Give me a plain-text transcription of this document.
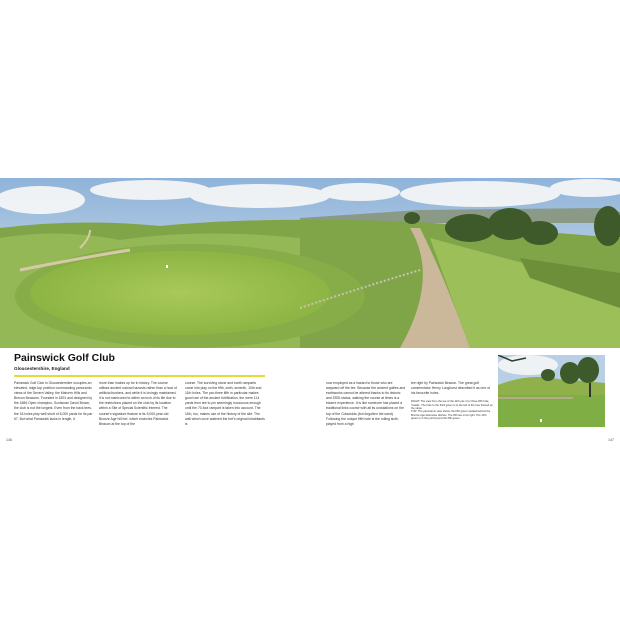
Painswick Golf Club
Gloucestershire, England

Painswick Golf Club in Gloucestershire occupies an elevated, ridge-top position commanding panoramic views of the Severn Valley, the Malvern Hills and Brecon Beacons. Founded in 1891 and designed by the 1886 Open champion, Scotsman David Brown, the club is not the longest. Even from the back tees, the 18 holes play well short of 5,000 yards for its par 67. But what Painswick lacks in length, it

more than makes up for in history. The course utilises ancient natural hazards rather than a host of artificial bunkers, and while it is lovingly maintained, it is not manicured to within an inch of its life due to the restrictions placed on the club by its location within a Site of Special Scientific Interest. The course's signature feature is its 5,000-year-old Bronze Age hill fort, which encircles Painswick Beacon at the top of the

course. The surviving stone and earth ramparts come into play on the fifth, sixth, seventh, 10th and 11th holes. The par-three fifth in particular makes good use of the ancient fortification, the mere 114 yards from tee to pin seemingly innocuous enough until the 70-foot rampart is taken into account. The 11th, too, makes use of the history of the site. The wall which once watered the fort's original inhabitants is

now employed as a hazard to those who are wayward off the tee. Because the ancient gullies and earthworks cannot be altered thanks to its historic and SSSI status, walking the course at times is a bizarre experience. It is like someone has placed a traditional links course with all its undulations on the top of the Cotswolds (but forgotten the sand). Following the unique fifth hole is the rolling sixth, played from a high

tee right by Painswick Beacon. The great golf commentator Henry Longhurst described it as one of his favourite holes.

RIGHT: The view from the tee of the 11th par-4 (or three fifth hole, 'Castle'. The hole to the third green is to the left of the tree framed up the slope.

TOP: The panoramic view shows the fifth green nestled behind the Bronze Age defensive ditches. The fifth tee is far right. The 11th green is in the just beyond the fifth green.

146	147
